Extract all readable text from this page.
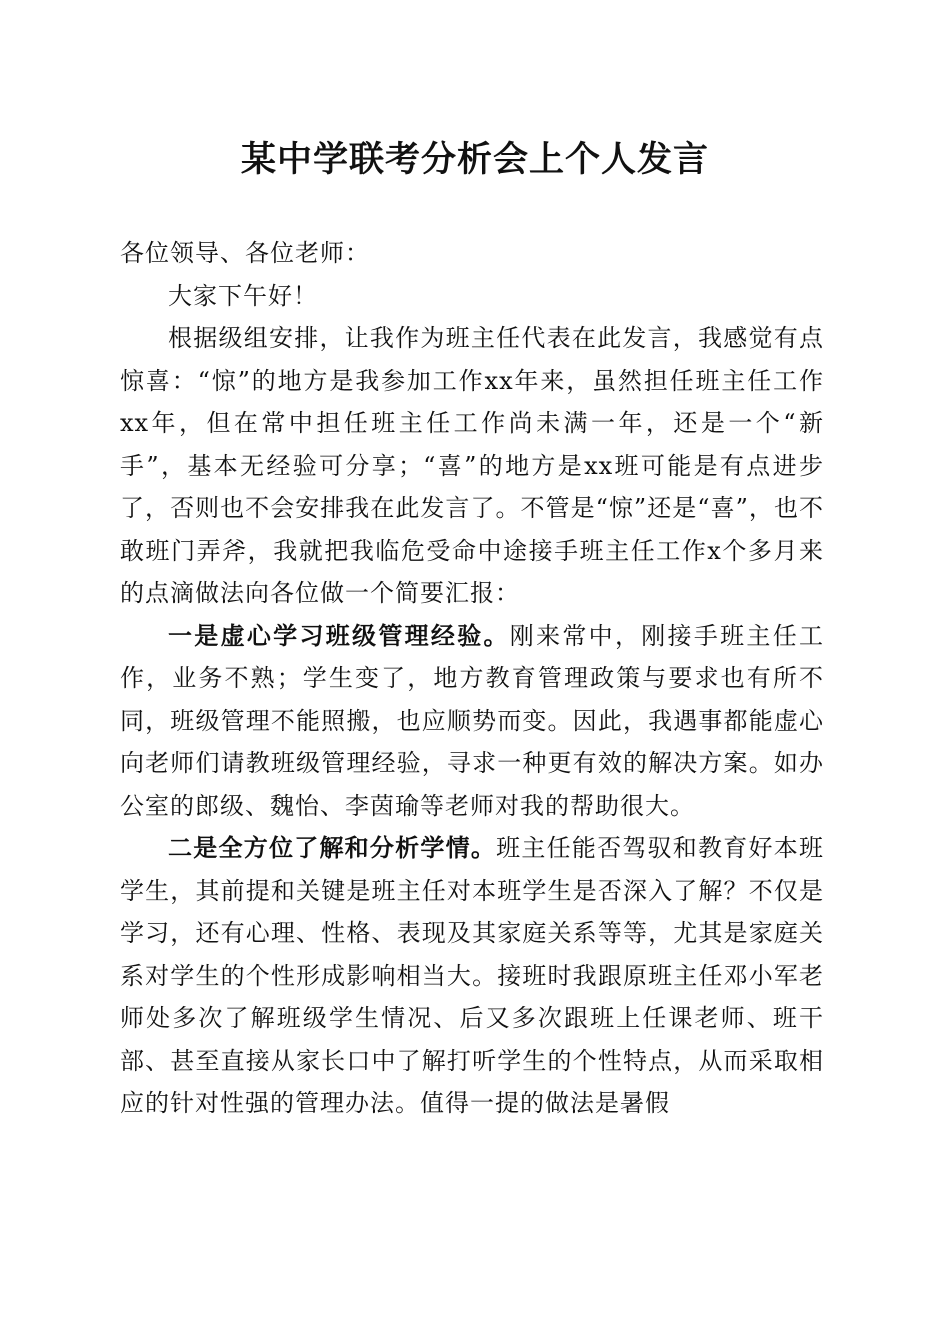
某中学联考分析会上个人发言

各位领导、各位老师：

大家下午好！

根据级组安排，让我作为班主任代表在此发言，我感觉有点惊喜：“惊”的地方是我参加工作xx年来，虽然担任班主任工作xx年，但在常中担任班主任工作尚未满一年，还是一个“新手”，基本无经验可分享；“喜”的地方是xx班可能是有点进步了，否则也不会安排我在此发言了。不管是“惊”还是“喜”，也不敢班门弄斧，我就把我临危受命中途接手班主任工作x个多月来的点滴做法向各位做一个简要汇报：

一是虚心学习班级管理经验。刚来常中，刚接手班主任工作，业务不熟；学生变了，地方教育管理政策与要求也有所不同，班级管理不能照搬，也应顺势而变。因此，我遇事都能虚心向老师们请教班级管理经验，寻求一种更有效的解决方案。如办公室的郎级、魏怡、李茵瑜等老师对我的帮助很大。

二是全方位了解和分析学情。班主任能否驾驭和教育好本班学生，其前提和关键是班主任对本班学生是否深入了解？不仅是学习，还有心理、性格、表现及其家庭关系等等，尤其是家庭关系对学生的个性形成影响相当大。接班时我跟原班主任邓小军老师处多次了解班级学生情况、后又多次跟班上任课老师、班干部、甚至直接从家长口中了解打听学生的个性特点，从而采取相应的针对性强的管理办法。值得一提的做法是暑假
